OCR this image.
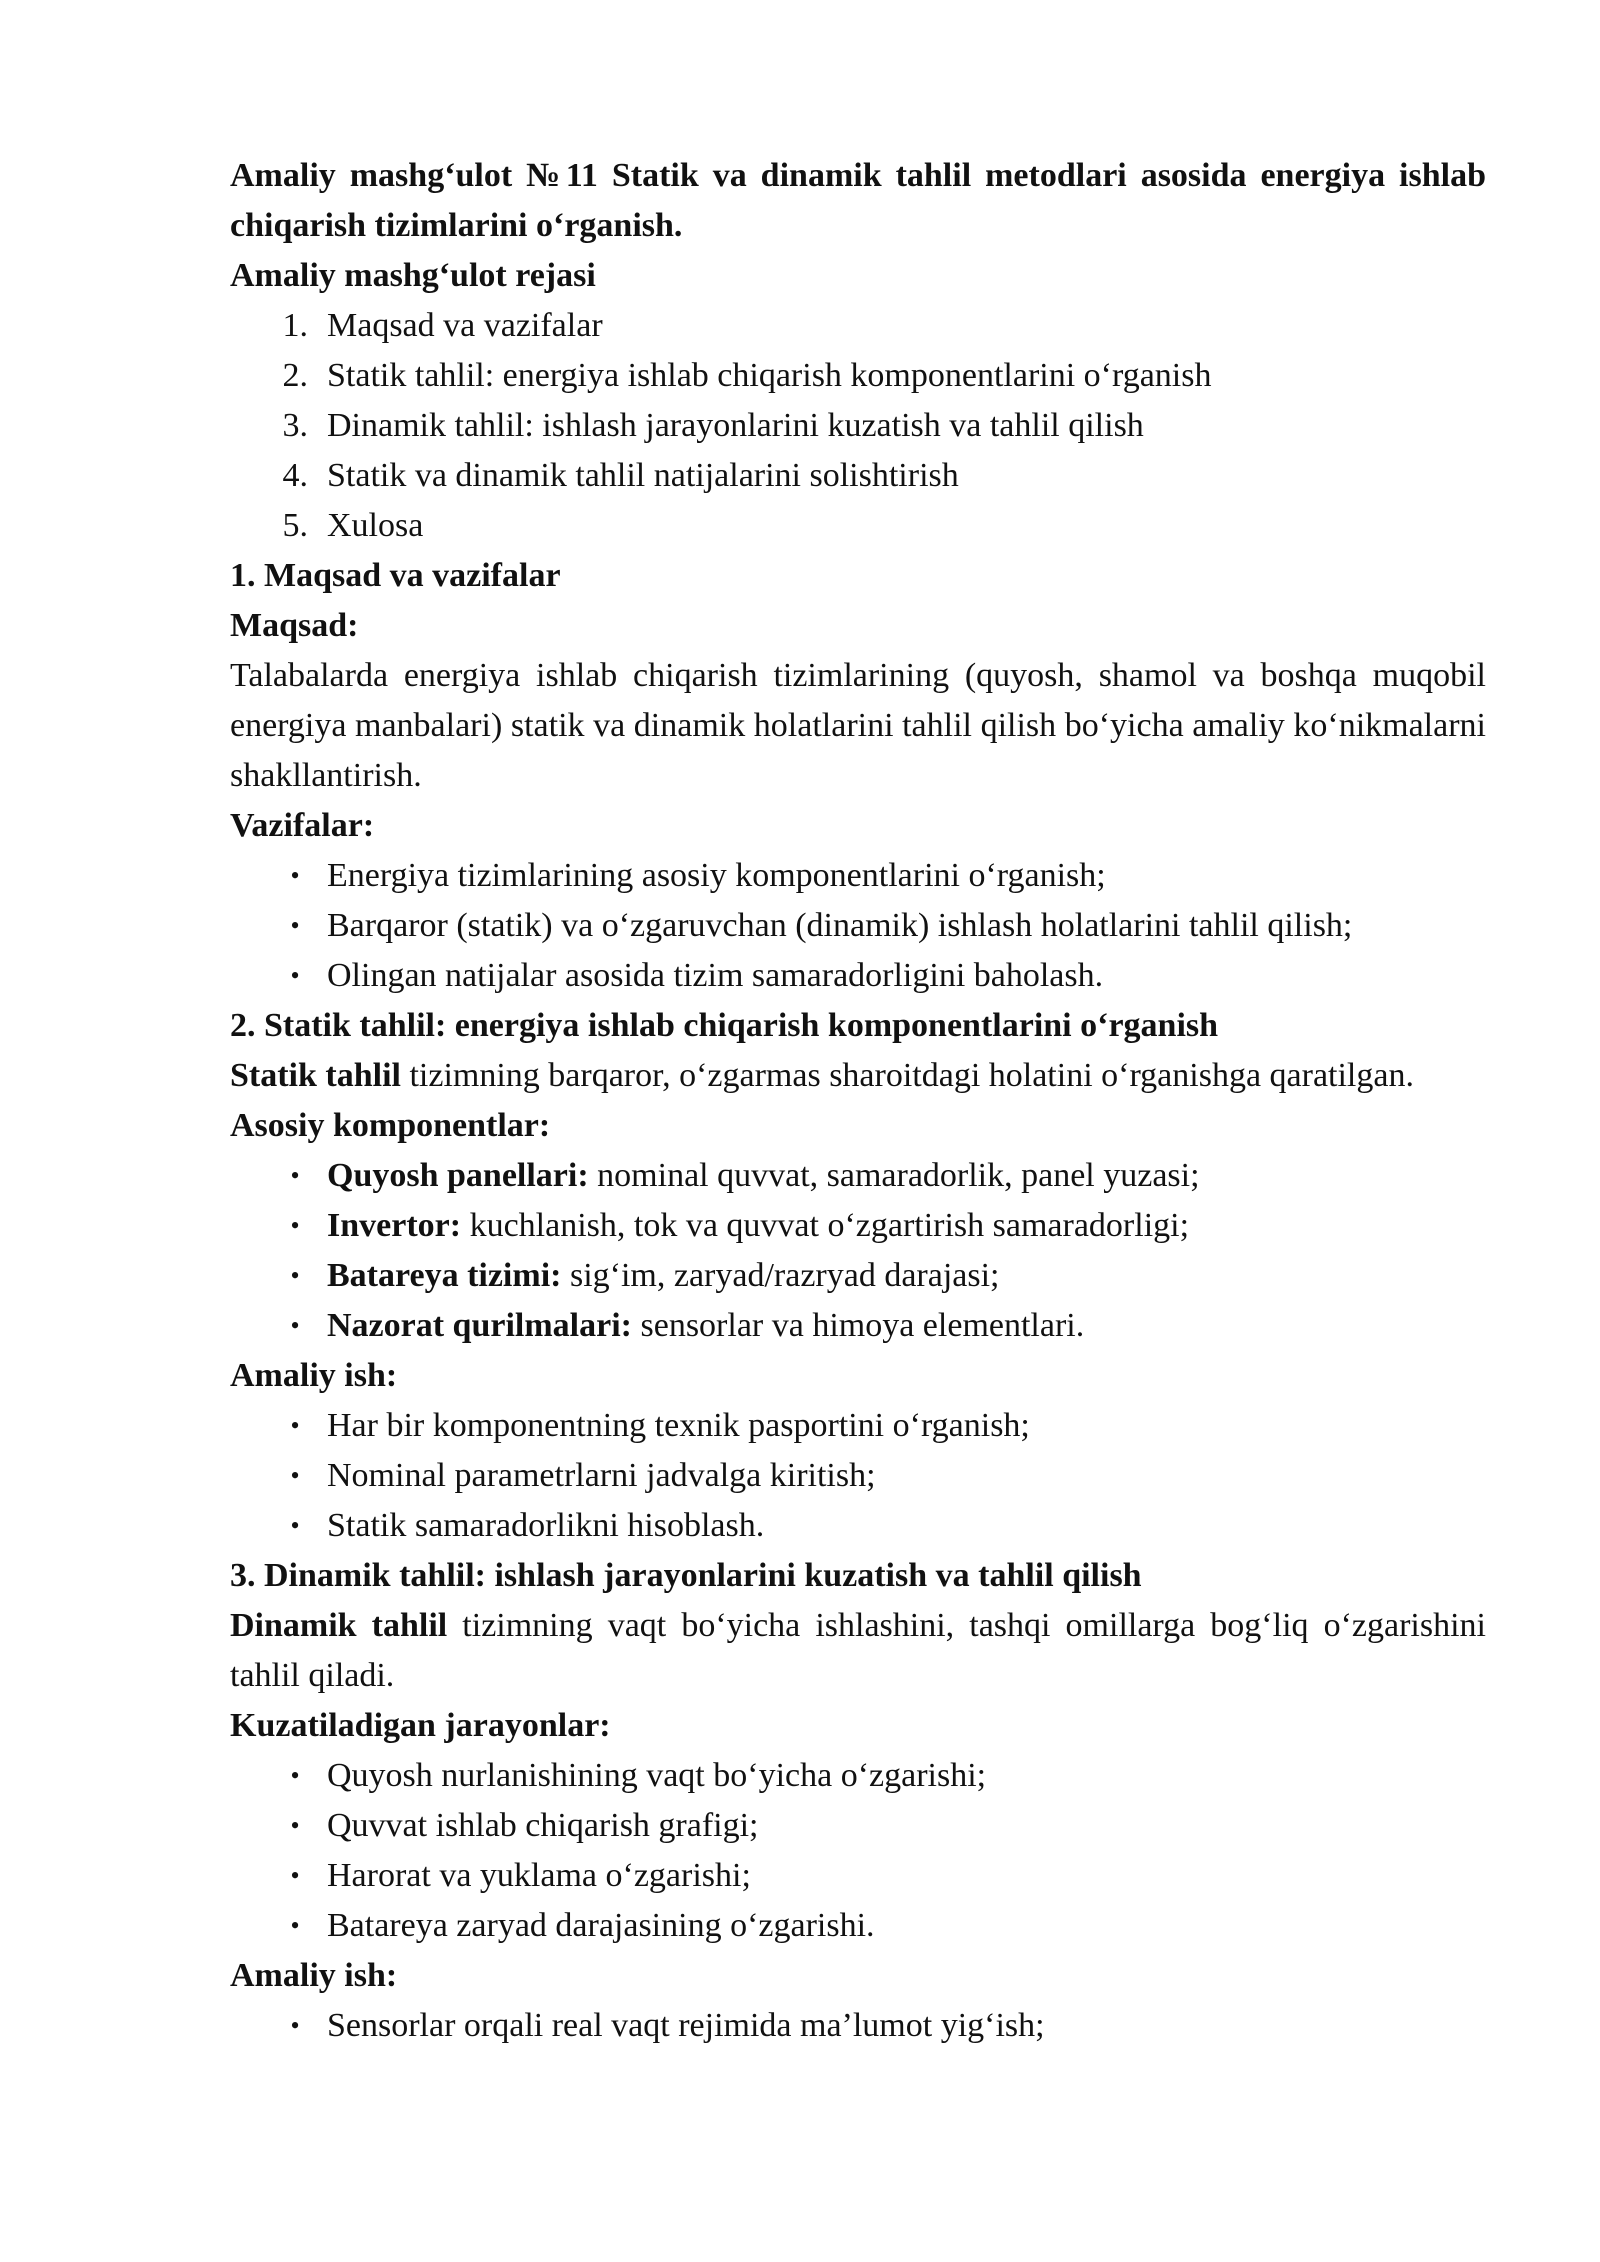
Amaliy mashg‘ulot №11 Statik va dinamik tahlil metodlari asosida energiya ishlab chiqarish tizimlarini o‘rganish.

Amaliy mashg‘ulot rejasi

1. Maqsad va vazifalar
2. Statik tahlil: energiya ishlab chiqarish komponentlarini o‘rganish
3. Dinamik tahlil: ishlash jarayonlarini kuzatish va tahlil qilish
4. Statik va dinamik tahlil natijalarini solishtirish
5. Xulosa

1. Maqsad va vazifalar

Maqsad:

Talabalarda energiya ishlab chiqarish tizimlarining (quyosh, shamol va boshqa muqobil energiya manbalari) statik va dinamik holatlarini tahlil qilish bo‘yicha amaliy ko‘nikmalarni shakllantirish.

Vazifalar:

• Energiya tizimlarining asosiy komponentlarini o‘rganish;
• Barqaror (statik) va o‘zgaruvchan (dinamik) ishlash holatlarini tahlil qilish;
• Olingan natijalar asosida tizim samaradorligini baholash.

2. Statik tahlil: energiya ishlab chiqarish komponentlarini o‘rganish

Statik tahlil tizimning barqaror, o‘zgarmas sharoitdagi holatini o‘rganishga qaratilgan.

Asosiy komponentlar:

• Quyosh panellari: nominal quvvat, samaradorlik, panel yuzasi;
• Invertor: kuchlanish, tok va quvvat o‘zgartirish samaradorligi;
• Batareya tizimi: sig‘im, zaryad/razryad darajasi;
• Nazorat qurilmalari: sensorlar va himoya elementlari.

Amaliy ish:

• Har bir komponentning texnik pasportini o‘rganish;
• Nominal parametrlarni jadvalga kiritish;
• Statik samaradorlikni hisoblash.

3. Dinamik tahlil: ishlash jarayonlarini kuzatish va tahlil qilish

Dinamik tahlil tizimning vaqt bo‘yicha ishlashini, tashqi omillarga bog‘liq o‘zgarishini tahlil qiladi.

Kuzatiladigan jarayonlar:

• Quyosh nurlanishining vaqt bo‘yicha o‘zgarishi;
• Quvvat ishlab chiqarish grafigi;
• Harorat va yuklama o‘zgarishi;
• Batareya zaryad darajasining o‘zgarishi.

Amaliy ish:

• Sensorlar orqali real vaqt rejimida ma’lumot yig‘ish;
